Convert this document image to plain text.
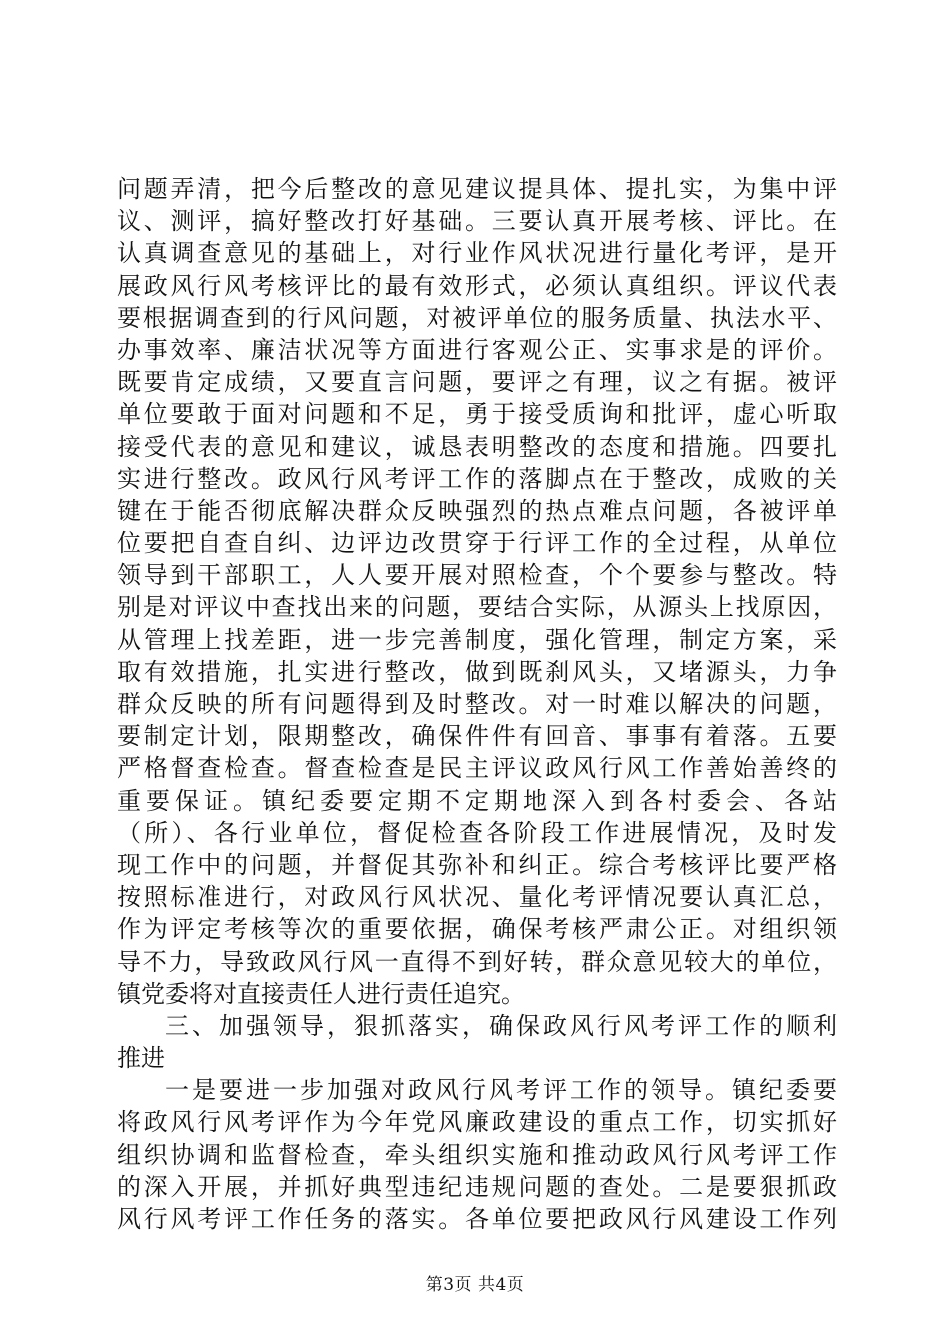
问题弄清，把今后整改的意见建议提具体、提扎实，为集中评
议、测评，搞好整改打好基础。三要认真开展考核、评比。在
认真调查意见的基础上，对行业作风状况进行量化考评，是开
展政风行风考核评比的最有效形式，必须认真组织。评议代表
要根据调查到的行风问题，对被评单位的服务质量、执法水平、
办事效率、廉洁状况等方面进行客观公正、实事求是的评价。
既要肯定成绩，又要直言问题，要评之有理，议之有据。被评
单位要敢于面对问题和不足，勇于接受质询和批评，虚心听取
接受代表的意见和建议，诚恳表明整改的态度和措施。四要扎
实进行整改。政风行风考评工作的落脚点在于整改，成败的关
键在于能否彻底解决群众反映强烈的热点难点问题，各被评单
位要把自查自纠、边评边改贯穿于行评工作的全过程，从单位
领导到干部职工，人人要开展对照检查，个个要参与整改。特
别是对评议中查找出来的问题，要结合实际，从源头上找原因，
从管理上找差距，进一步完善制度，强化管理，制定方案，采
取有效措施，扎实进行整改，做到既刹风头，又堵源头，力争
群众反映的所有问题得到及时整改。对一时难以解决的问题，
要制定计划，限期整改，确保件件有回音、事事有着落。五要
严格督查检查。督查检查是民主评议政风行风工作善始善终的
重要保证。镇纪委要定期不定期地深入到各村委会、各站
（所）、各行业单位，督促检查各阶段工作进展情况，及时发
现工作中的问题，并督促其弥补和纠正。综合考核评比要严格
按照标准进行，对政风行风状况、量化考评情况要认真汇总，
作为评定考核等次的重要依据，确保考核严肃公正。对组织领
导不力，导致政风行风一直得不到好转，群众意见较大的单位，
镇党委将对直接责任人进行责任追究。
三、加强领导，狠抓落实，确保政风行风考评工作的顺利
推进
一是要进一步加强对政风行风考评工作的领导。镇纪委要
将政风行风考评作为今年党风廉政建设的重点工作，切实抓好
组织协调和监督检查，牵头组织实施和推动政风行风考评工作
的深入开展，并抓好典型违纪违规问题的查处。二是要狠抓政
风行风考评工作任务的落实。各单位要把政风行风建设工作列
第3页 共4页
